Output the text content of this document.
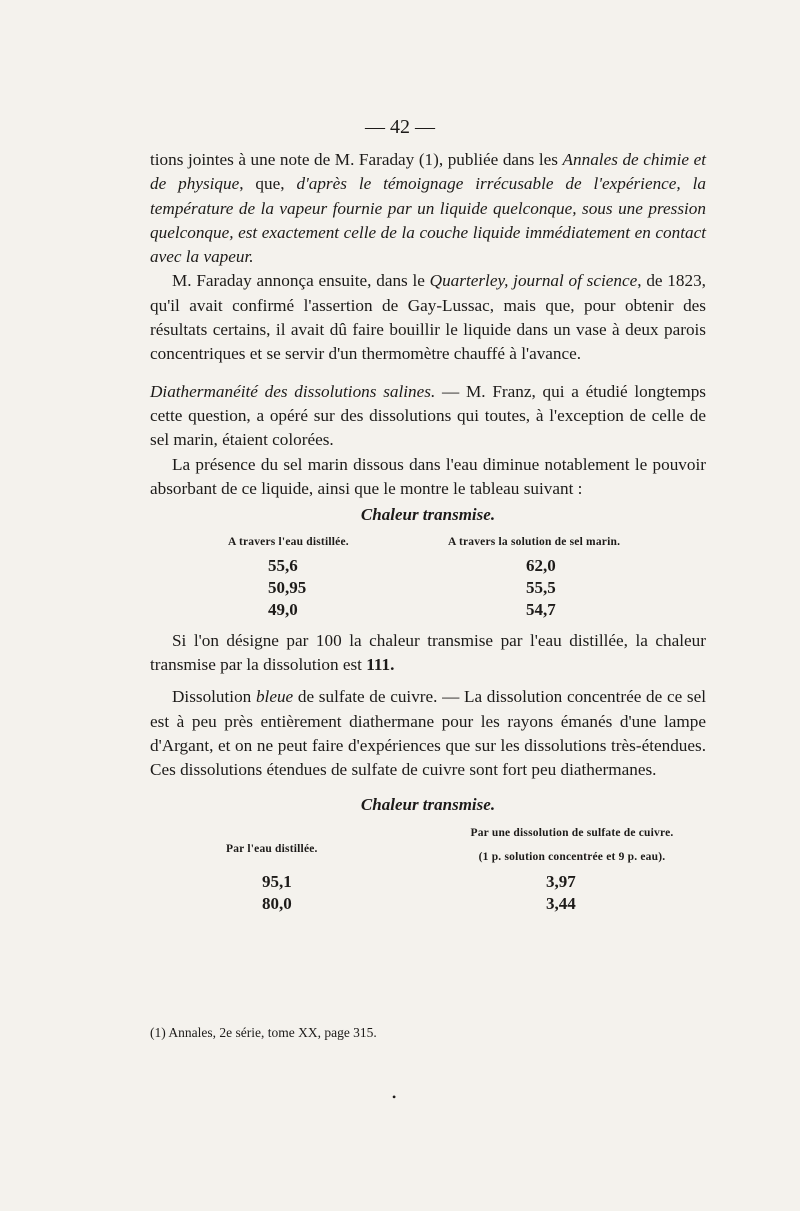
— 42 —

tions jointes à une note de M. Faraday (1), publiée dans les Annales de chimie et de physique, que, d'après le témoignage irrécusable de l'expérience, la température de la vapeur fournie par un liquide quelconque, sous une pression quelconque, est exactement celle de la couche liquide immédiatement en contact avec la vapeur.

M. Faraday annonça ensuite, dans le Quarterley, journal of science, de 1823, qu'il avait confirmé l'assertion de Gay-Lussac, mais que, pour obtenir des résultats certains, il avait dû faire bouillir le liquide dans un vase à deux parois concentriques et se servir d'un thermomètre chauffé à l'avance.

Diathermanéité des dissolutions salines. — M. Franz, qui a étudié longtemps cette question, a opéré sur des dissolutions qui toutes, à l'exception de celle de sel marin, étaient colorées.

La présence du sel marin dissous dans l'eau diminue notablement le pouvoir absorbant de ce liquide, ainsi que le montre le tableau suivant :

Chaleur transmise.
A travers l'eau distillée.	A travers la solution de sel marin.
55,6	62,0
50,95	55,5
49,0	54,7

Si l'on désigne par 100 la chaleur transmise par l'eau distillée, la chaleur transmise par la dissolution est 111.

Dissolution bleue de sulfate de cuivre. — La dissolution concentrée de ce sel est à peu près entièrement diathermane pour les rayons émanés d'une lampe d'Argant, et on ne peut faire d'expériences que sur les dissolutions très-étendues. Ces dissolutions étendues de sulfate de cuivre sont fort peu diathermanes.

Chaleur transmise.
Par l'eau distillée.	Par une dissolution de sulfate de cuivre.
(1 p. solution concentrée et 9 p. eau).

95,1	3,97
80,0	3,44
(1) Annales, 2e série, tome XX, page 315.
•
